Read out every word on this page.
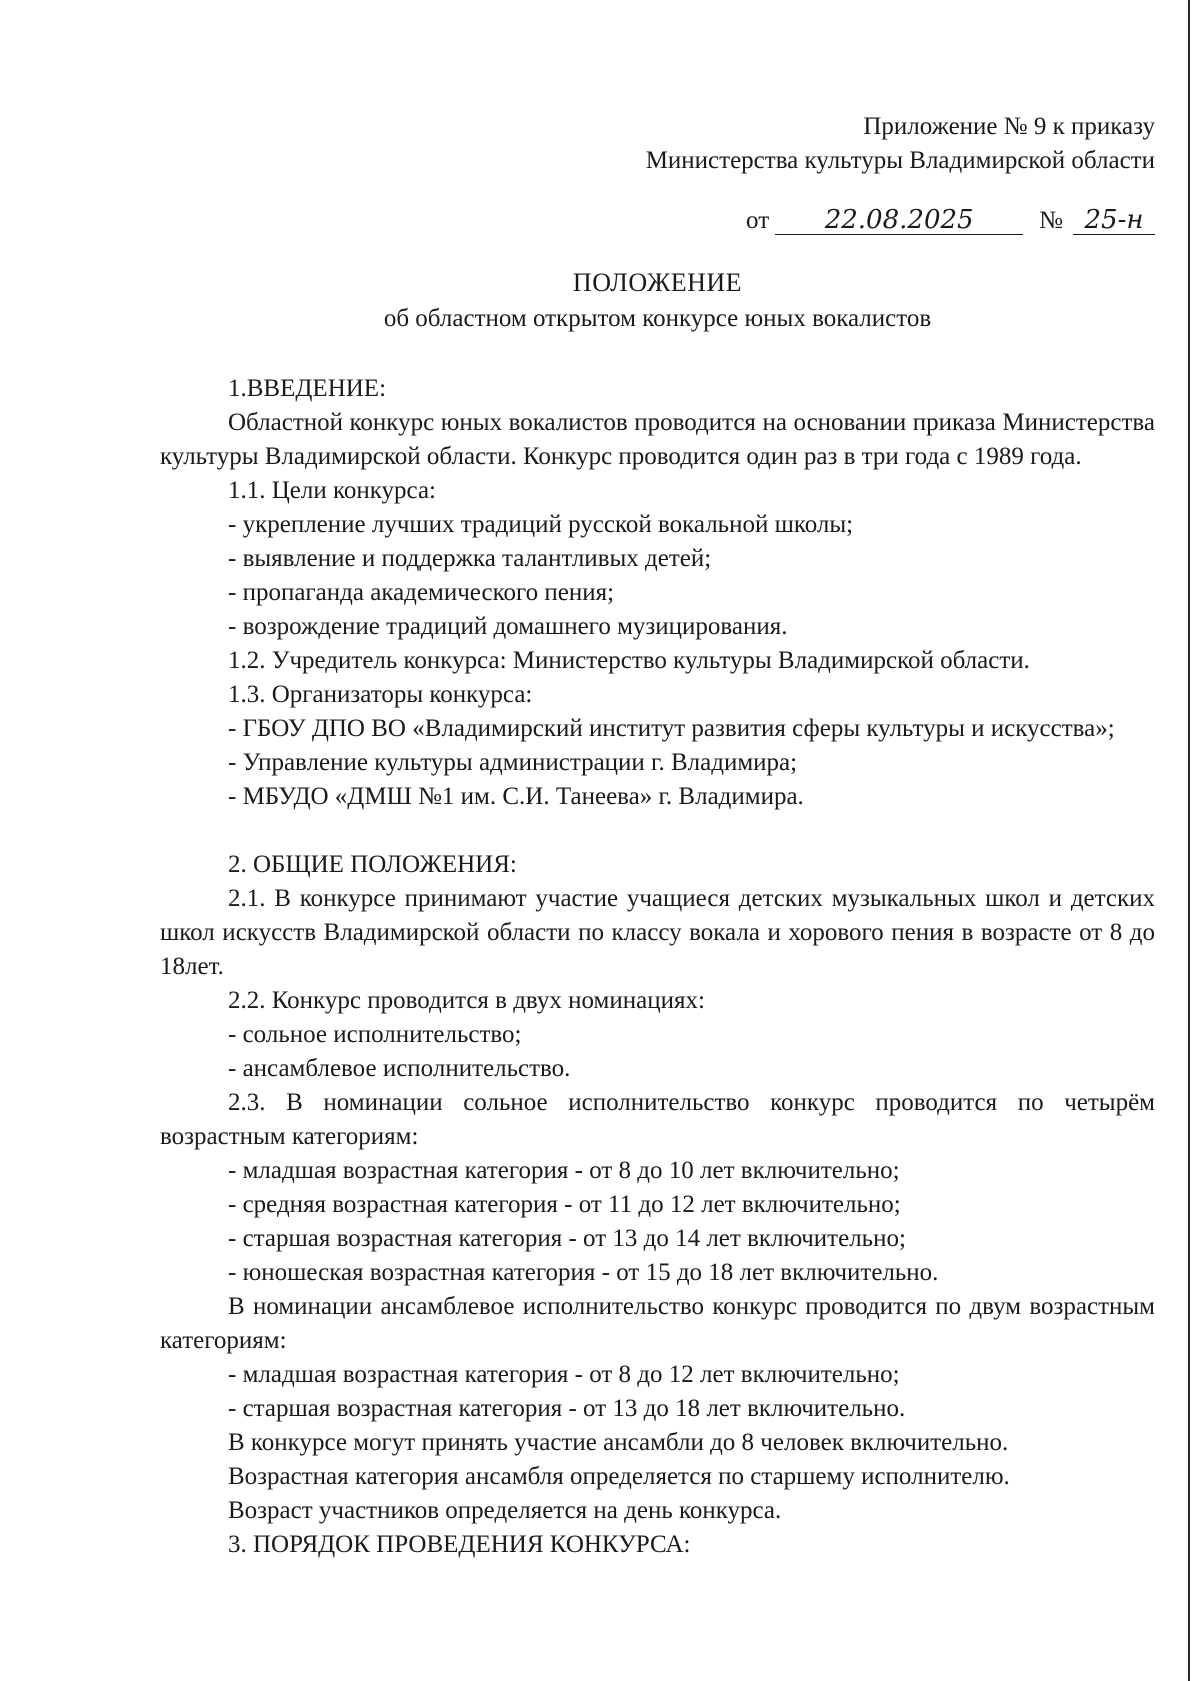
Приложение № 9 к приказу
Министерства культуры Владимирской области
от 22.08.2025	№ 25-н
ПОЛОЖЕНИЕ
об областном открытом конкурсе юных вокалистов
1.ВВЕДЕНИЕ:
Областной конкурс юных вокалистов проводится на основании приказа Министерства культуры Владимирской области. Конкурс проводится один раз в три года с 1989 года.
1.1. Цели конкурса:
- укрепление лучших традиций русской вокальной школы;
- выявление и поддержка талантливых детей;
- пропаганда академического пения;
- возрождение традиций домашнего музицирования.
1.2. Учредитель конкурса: Министерство культуры Владимирской области.
1.3. Организаторы конкурса:
- ГБОУ ДПО ВО «Владимирский институт развития сферы культуры и искусства»;
- Управление культуры администрации г. Владимира;
- МБУДО «ДМШ №1 им. С.И. Танеева» г. Владимира.
2. ОБЩИЕ ПОЛОЖЕНИЯ:
2.1. В конкурсе принимают участие учащиеся детских музыкальных школ и детских школ искусств Владимирской области по классу вокала и хорового пения в возрасте от 8 до 18лет.
2.2. Конкурс проводится в двух номинациях:
- сольное исполнительство;
- ансамблевое исполнительство.
2.3. В номинации сольное исполнительство конкурс проводится по четырём возрастным категориям:
- младшая возрастная категория - от 8 до 10 лет включительно;
- средняя возрастная категория - от 11 до 12 лет включительно;
- старшая возрастная категория - от 13 до 14 лет включительно;
- юношеская возрастная категория - от 15 до 18 лет включительно.
В номинации ансамблевое исполнительство конкурс проводится по двум возрастным категориям:
- младшая возрастная категория - от 8 до 12 лет включительно;
- старшая возрастная категория - от 13 до 18 лет включительно.
В конкурсе могут принять участие ансамбли до 8 человек включительно.
Возрастная категория ансамбля определяется по старшему исполнителю.
Возраст участников определяется на день конкурса.
3. ПОРЯДОК ПРОВЕДЕНИЯ КОНКУРСА:
